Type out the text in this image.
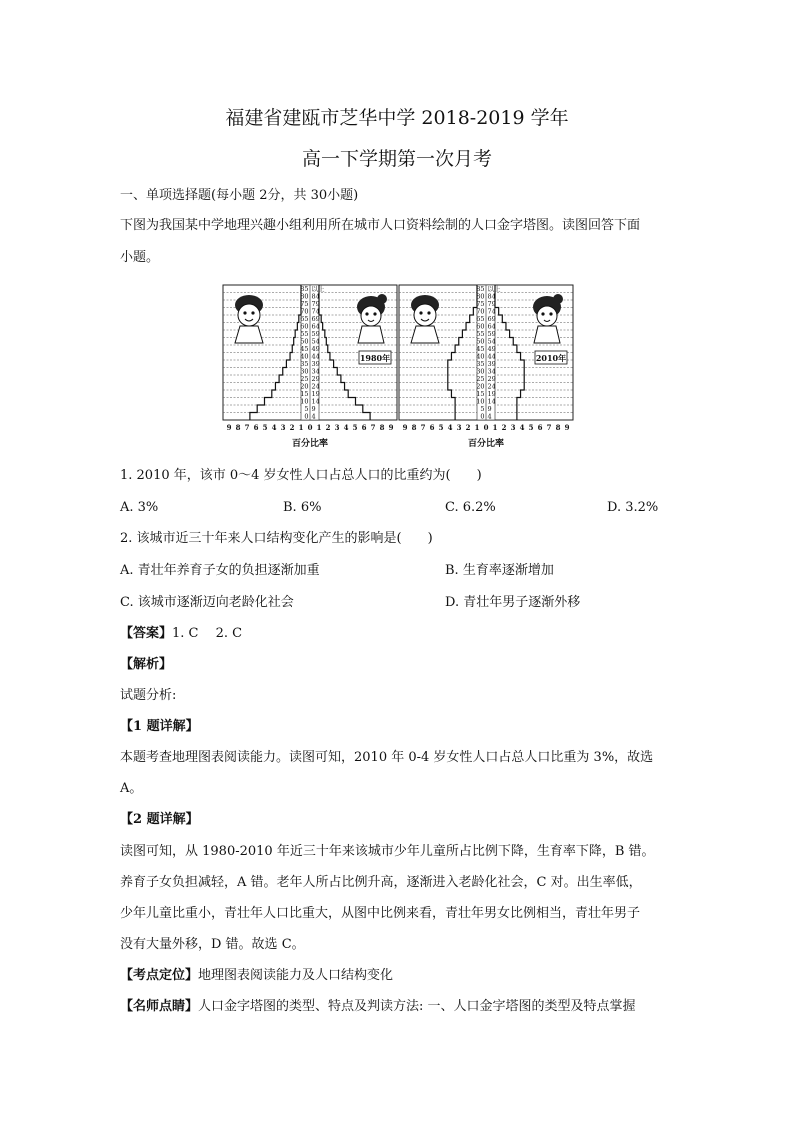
福建省建瓯市芝华中学 2018-2019 学年
高一下学期第一次月考
一、单项选择题(每小题 2分，共 30小题)
下图为我国某中学地理兴趣小组利用所在城市人口资料绘制的人口金字塔图。读图回答下面
小题。
85 以上
80 84
75 79
70 74
65 69
60 64
55 59
50 54
45 49
40 44
35 39
30 34
25 29
20 24
15 19
10 14
5 9
0 4
1980年
9 8 7 6 5 4 3 2 1 0 1 2 3 4 5 6 7 8 9
百分比率
85 以上
80 84
75 79
70 74
65 69
60 64
55 59
50 54
45 49
40 44
35 39
30 34
25 29
20 24
15 19
10 14
5 9
0 4
2010年
9 8 7 6 5 4 3 2 1 0 1 2 3 4 5 6 7 8 9
百分比率
1. 2010 年，该市 0～4 岁女性人口占总人口的比重约为(　　)
A. 3%	B. 6%	C. 6.2%	D. 3.2%
2. 该城市近三十年来人口结构变化产生的影响是(　　)
A. 青壮年养育子女的负担逐渐加重	B. 生育率逐渐增加
C. 该城市逐渐迈向老龄化社会	D. 青壮年男子逐渐外移
【答案】1. C　 2. C
【解析】
试题分析:
【1 题详解】
本题考查地理图表阅读能力。读图可知，2010 年 0-4 岁女性人口占总人口比重为 3%，故选
A。
【2 题详解】
读图可知，从 1980-2010 年近三十年来该城市少年儿童所占比例下降，生育率下降，B 错。
养育子女负担减轻，A 错。老年人所占比例升高，逐渐进入老龄化社会，C 对。出生率低，
少年儿童比重小，青壮年人口比重大，从图中比例来看，青壮年男女比例相当，青壮年男子
没有大量外移，D 错。故选 C。
【考点定位】地理图表阅读能力及人口结构变化
【名师点睛】人口金字塔图的类型、特点及判读方法: 一、人口金字塔图的类型及特点掌握
